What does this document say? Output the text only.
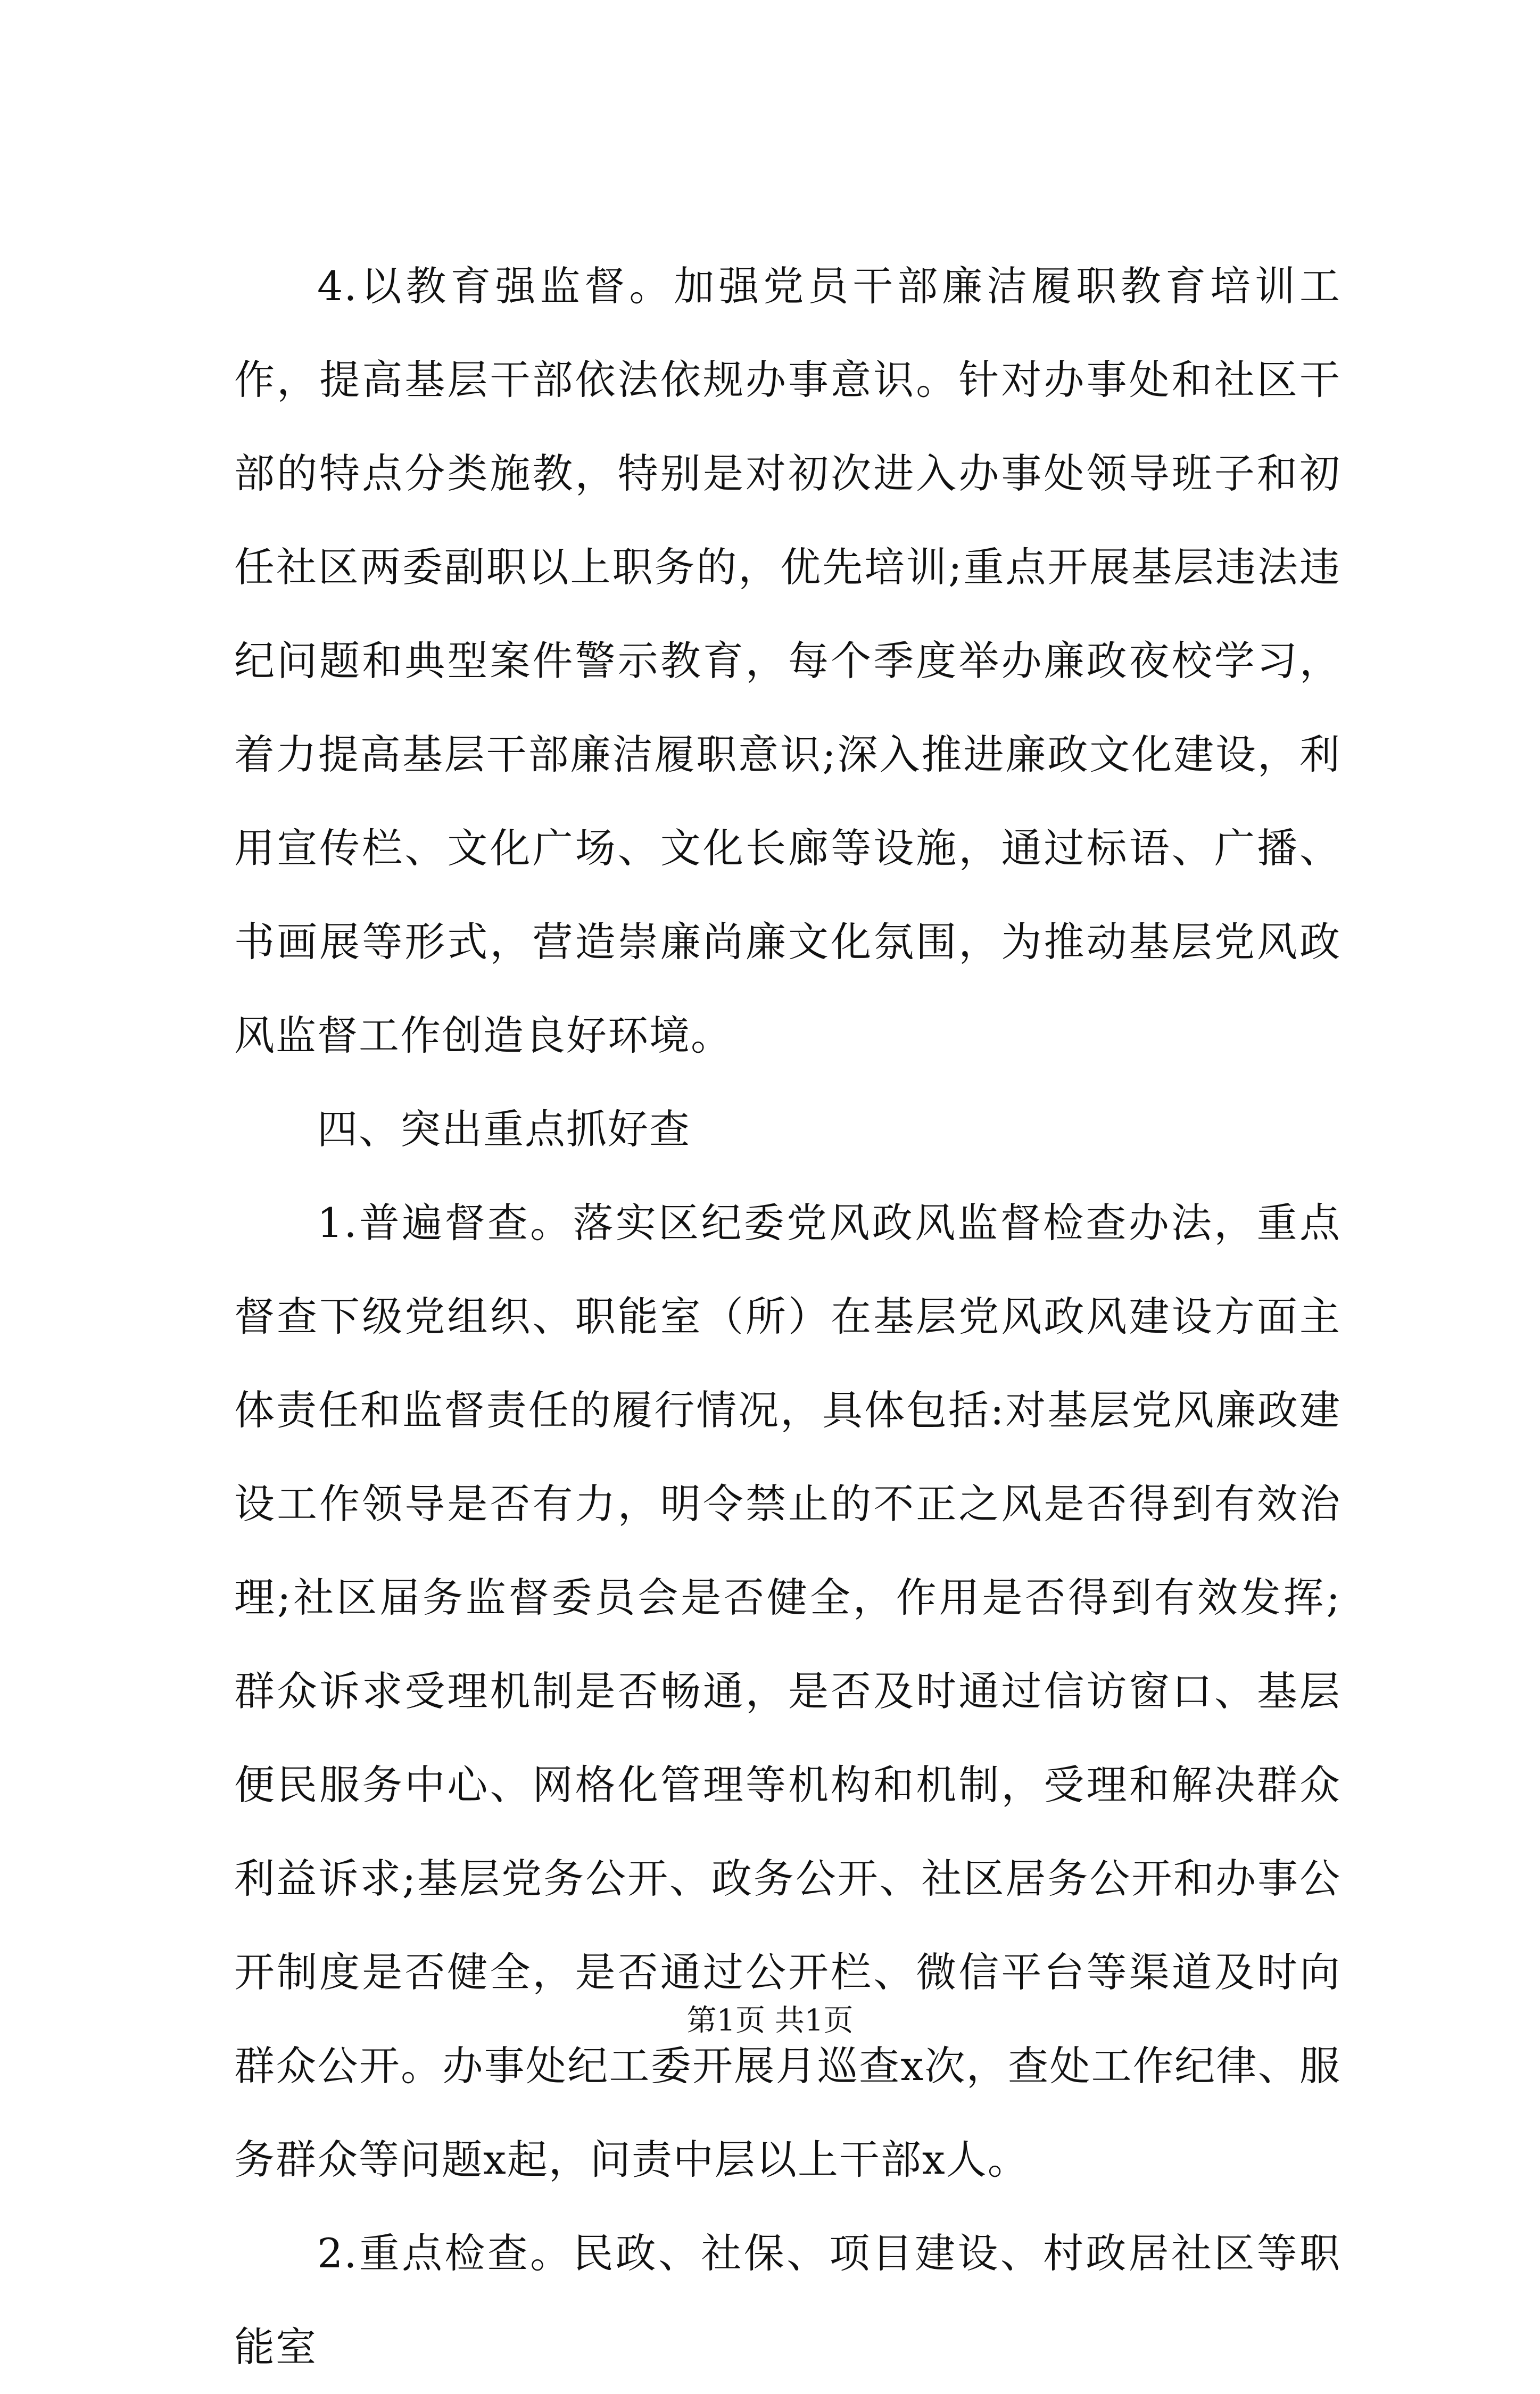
4.以教育强监督。加强党员干部廉洁履职教育培训工作，提高基层干部依法依规办事意识。针对办事处和社区干部的特点分类施教，特别是对初次进入办事处领导班子和初任社区两委副职以上职务的，优先培训;重点开展基层违法违纪问题和典型案件警示教育，每个季度举办廉政夜校学习，着力提高基层干部廉洁履职意识;深入推进廉政文化建设，利用宣传栏、文化广场、文化长廊等设施，通过标语、广播、书画展等形式，营造崇廉尚廉文化氛围，为推动基层党风政风监督工作创造良好环境。

四、突出重点抓好查

1.普遍督查。落实区纪委党风政风监督检查办法，重点督查下级党组织、职能室（所）在基层党风政风建设方面主体责任和监督责任的履行情况，具体包括:对基层党风廉政建设工作领导是否有力，明令禁止的不正之风是否得到有效治理;社区届务监督委员会是否健全，作用是否得到有效发挥;群众诉求受理机制是否畅通，是否及时通过信访窗口、基层便民服务中心、网格化管理等机构和机制，受理和解决群众利益诉求;基层党务公开、政务公开、社区居务公开和办事公开制度是否健全，是否通过公开栏、微信平台等渠道及时向群众公开。办事处纪工委开展月巡查x次，查处工作纪律、服务群众等问题x起，问责中层以上干部x人。

2.重点检查。民政、社保、项目建设、村政居社区等职能室

第1页 共1页
